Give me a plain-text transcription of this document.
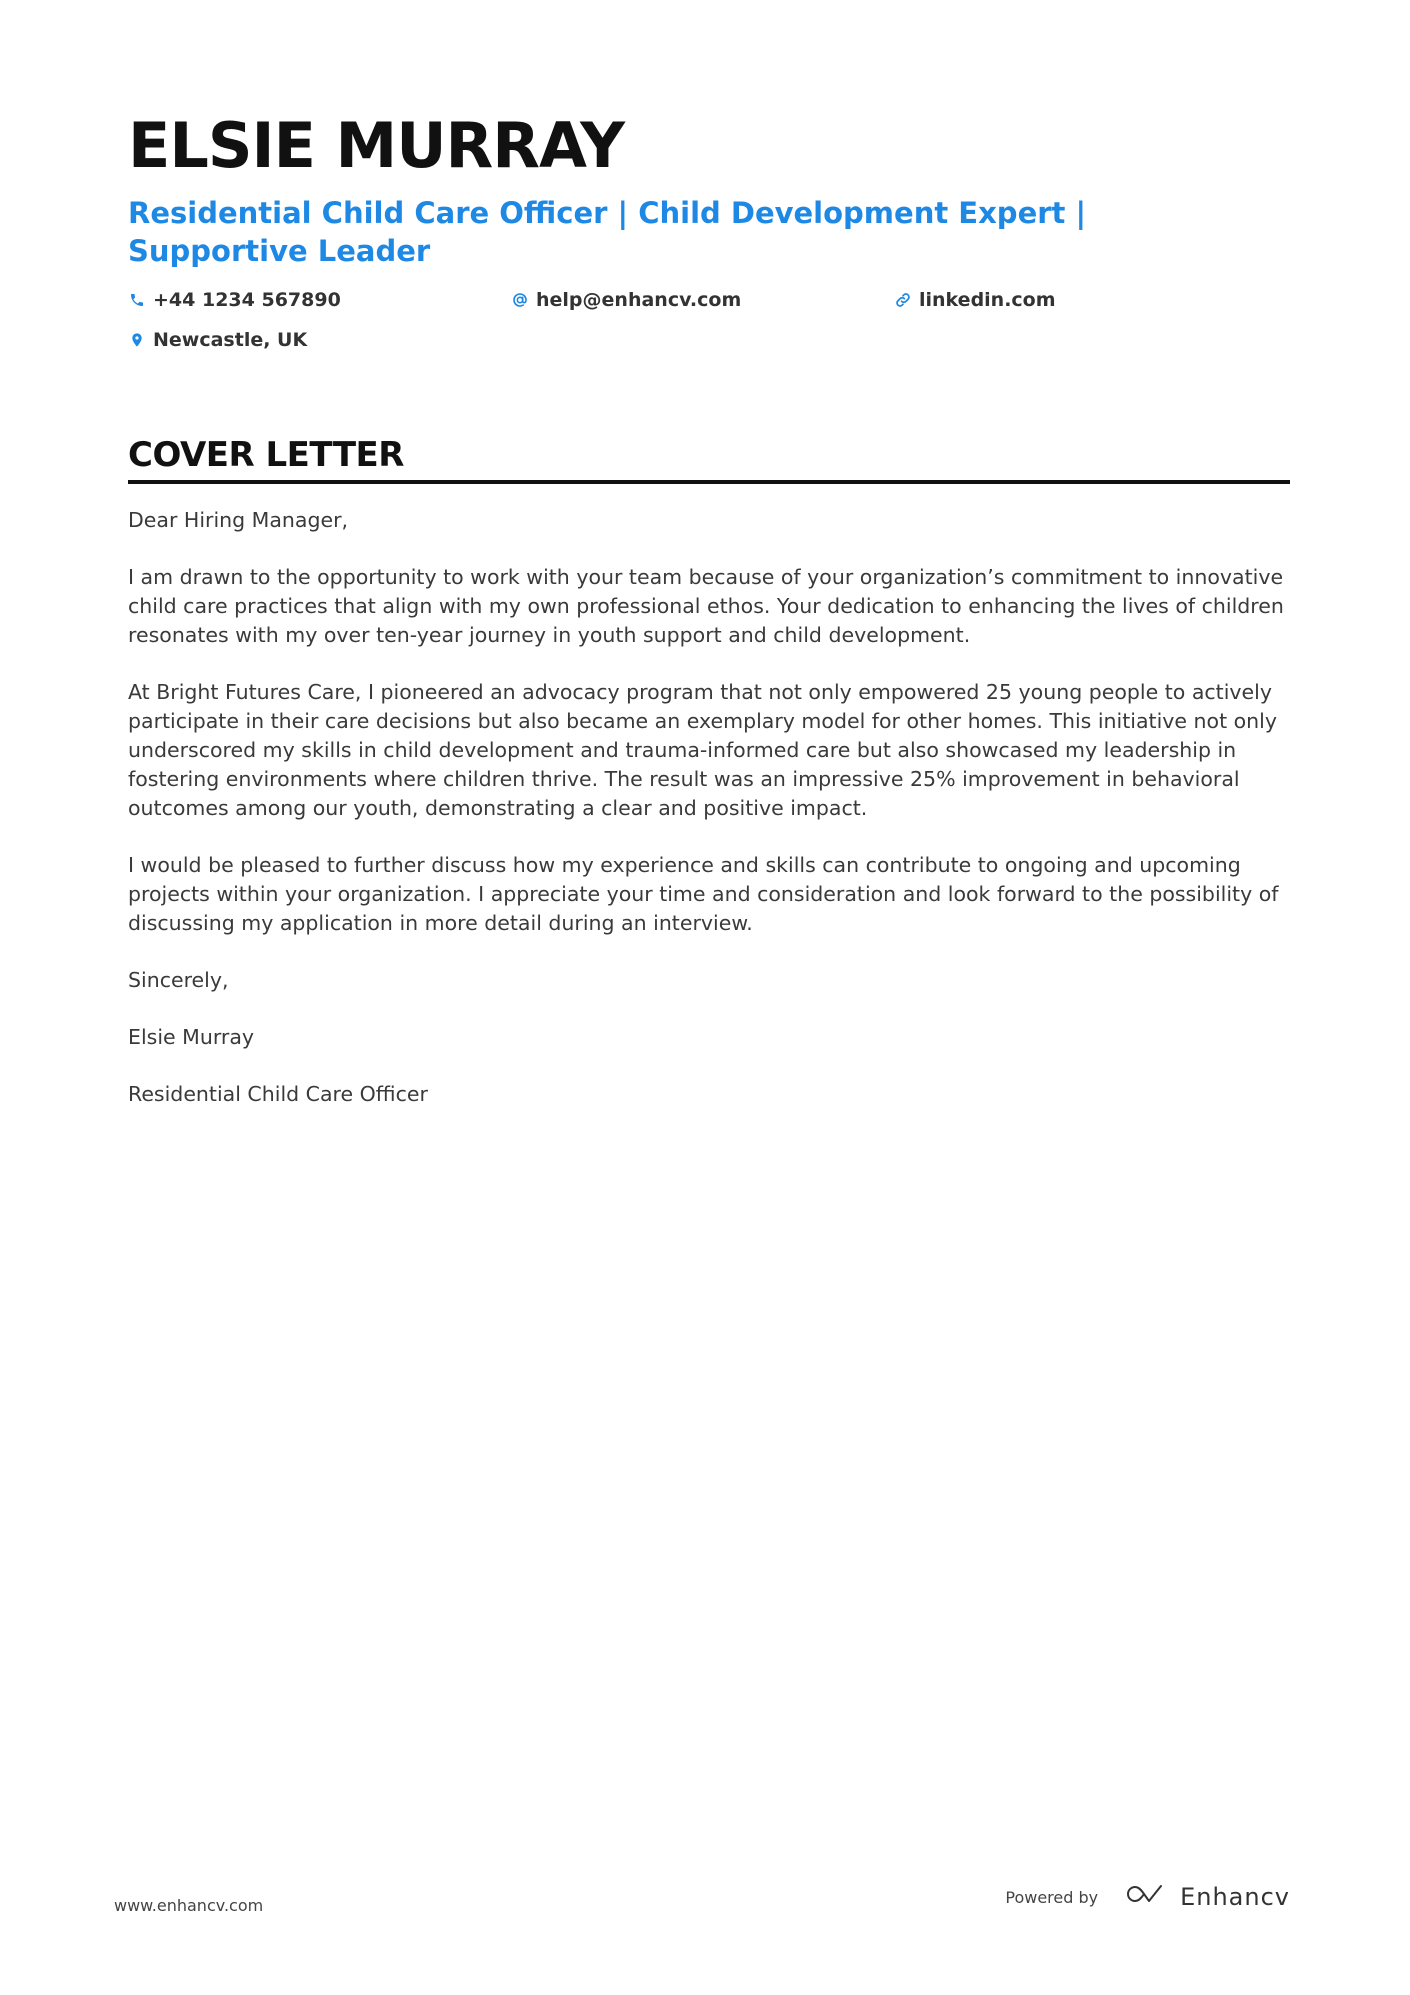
ELSIE MURRAY
Residential Child Care Officer | Child Development Expert | Supportive Leader
+44 1234 567890	help@enhancv.com	linkedin.com
Newcastle, UK
COVER LETTER

Dear Hiring Manager,

I am drawn to the opportunity to work with your team because of your organization’s commitment to innovative child care practices that align with my own professional ethos. Your dedication to enhancing the lives of children resonates with my over ten-year journey in youth support and child development.

At Bright Futures Care, I pioneered an advocacy program that not only empowered 25 young people to actively participate in their care decisions but also became an exemplary model for other homes. This initiative not only underscored my skills in child development and trauma-informed care but also showcased my leadership in fostering environments where children thrive. The result was an impressive 25% improvement in behavioral outcomes among our youth, demonstrating a clear and positive impact.

I would be pleased to further discuss how my experience and skills can contribute to ongoing and upcoming projects within your organization. I appreciate your time and consideration and look forward to the possibility of discussing my application in more detail during an interview.

Sincerely,

Elsie Murray

Residential Child Care Officer

www.enhancv.com	Powered by	Enhancv
